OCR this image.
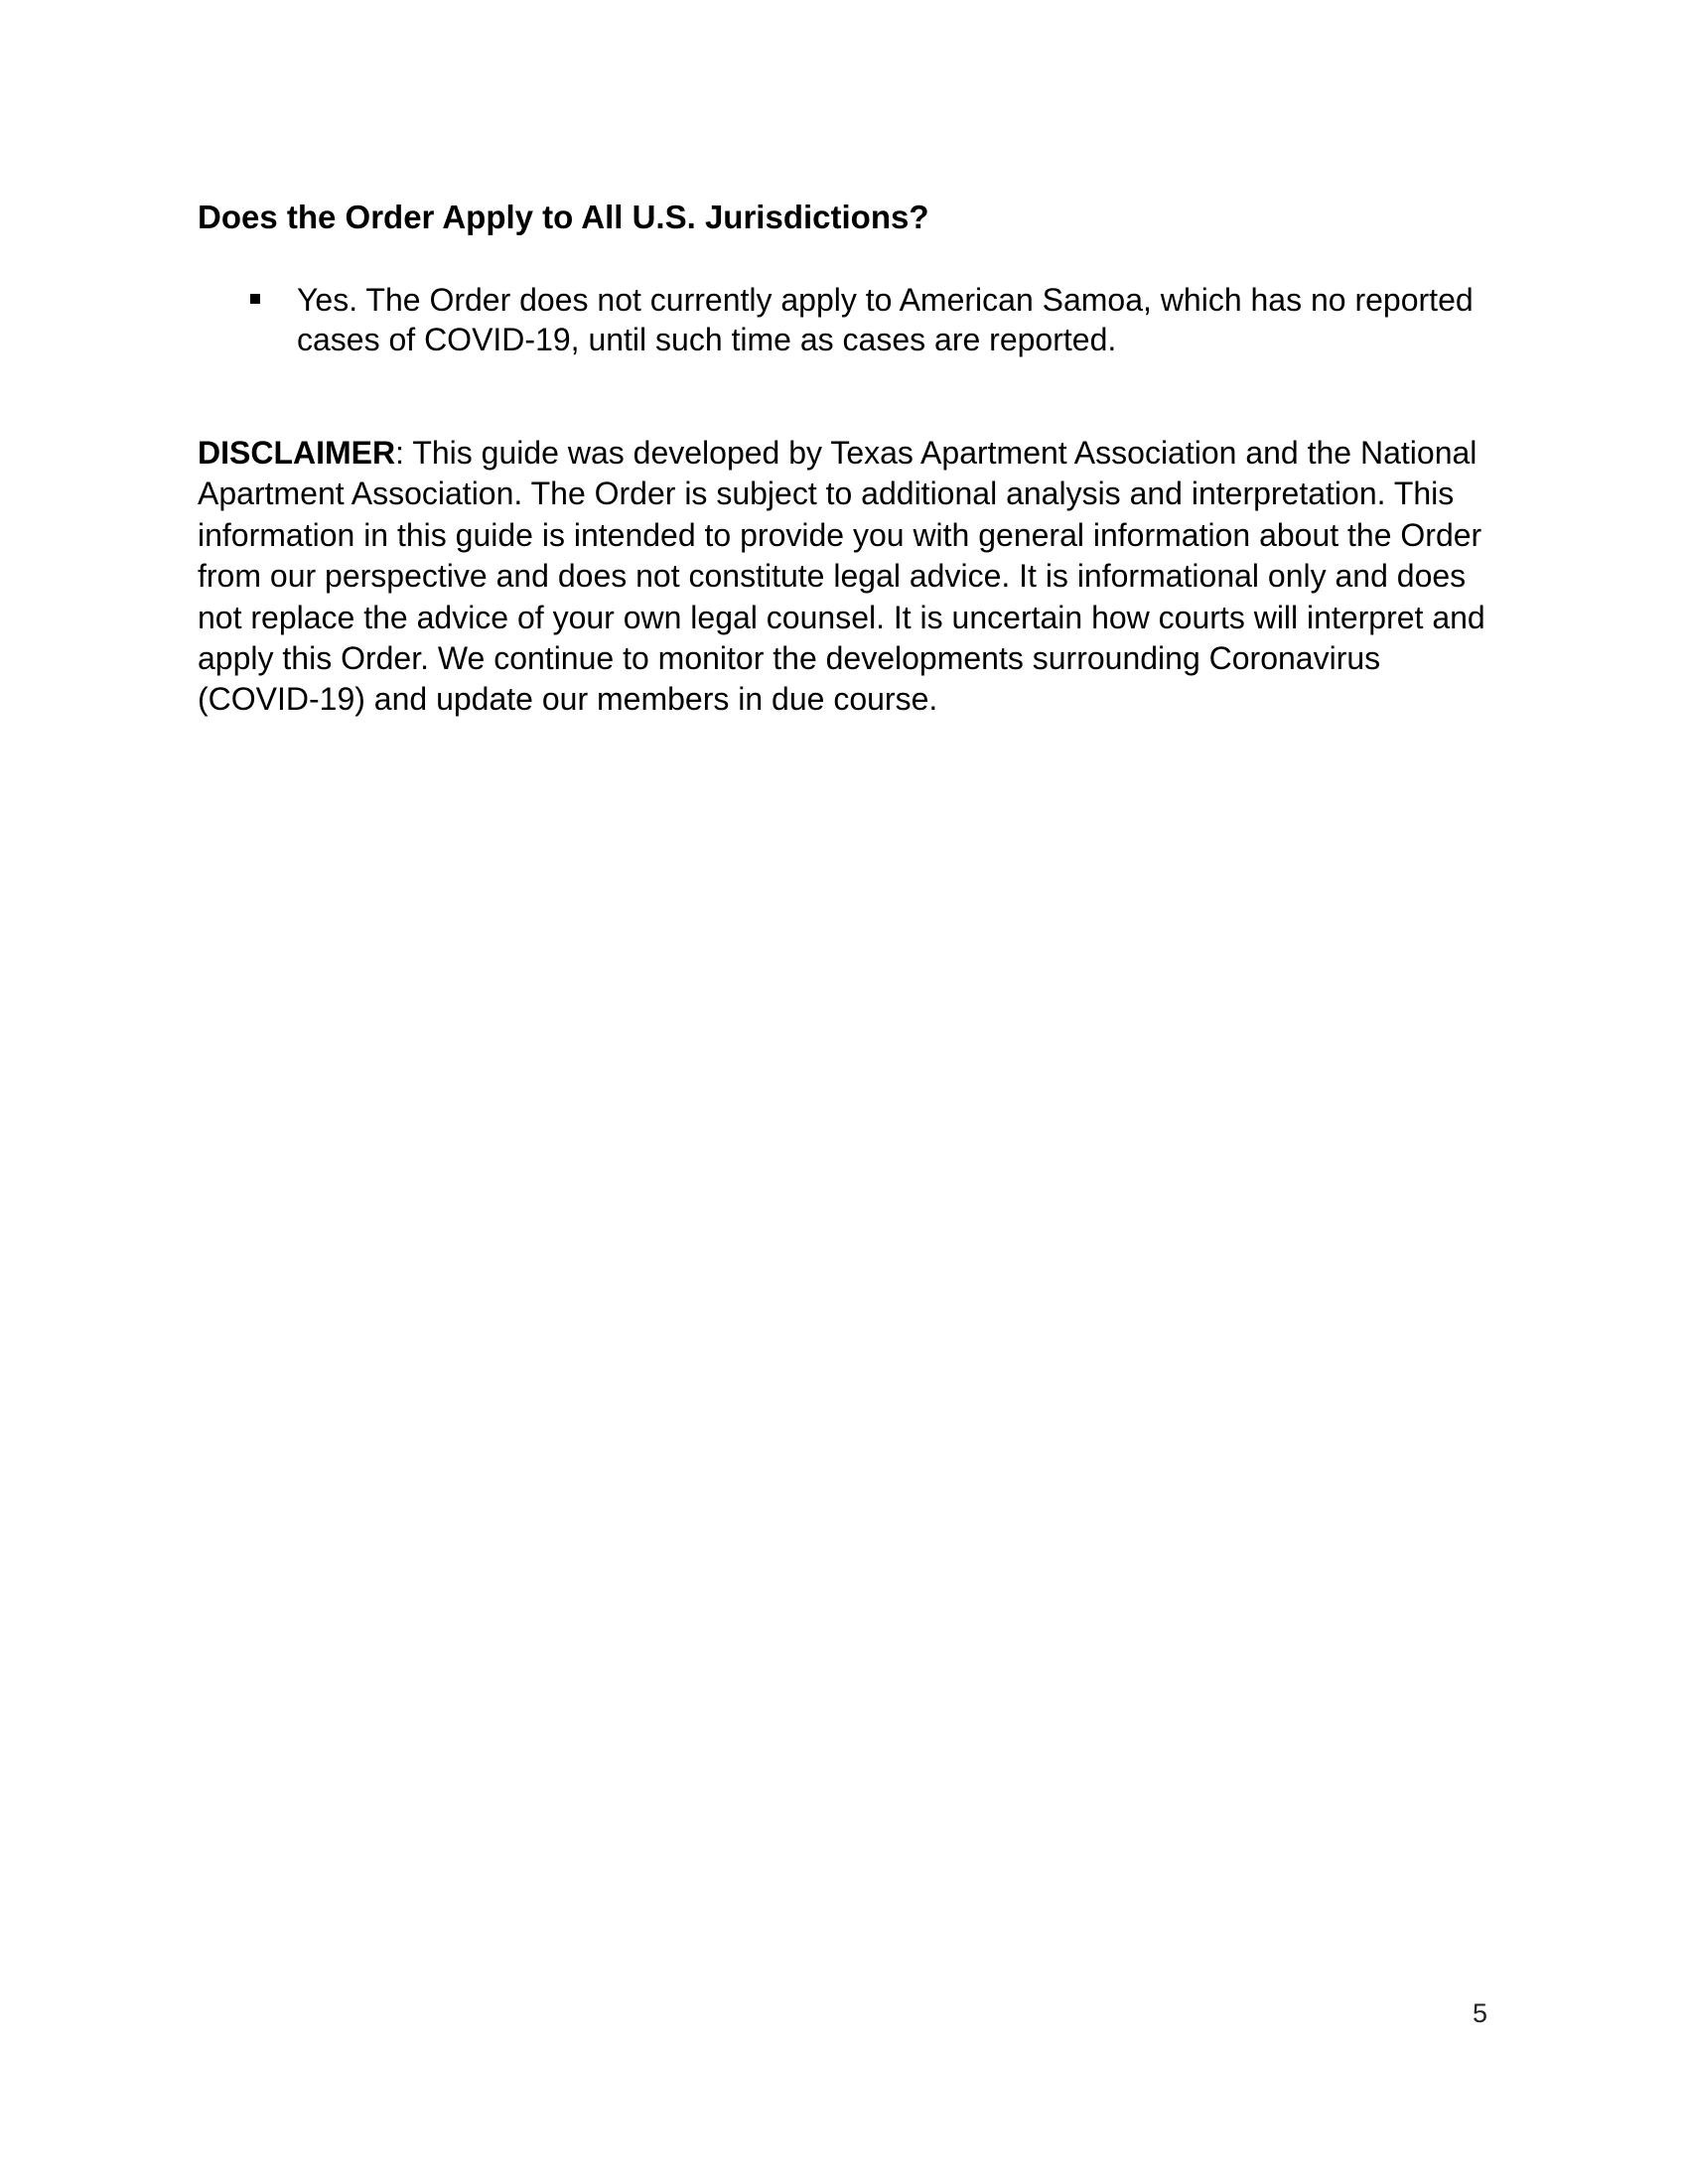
Does the Order Apply to All U.S. Jurisdictions?
Yes. The Order does not currently apply to American Samoa, which has no reported cases of COVID-19, until such time as cases are reported.

DISCLAIMER: This guide was developed by Texas Apartment Association and the National Apartment Association. The Order is subject to additional analysis and interpretation. This information in this guide is intended to provide you with general information about the Order from our perspective and does not constitute legal advice. It is informational only and does not replace the advice of your own legal counsel. It is uncertain how courts will interpret and apply this Order. We continue to monitor the developments surrounding Coronavirus (COVID-19) and update our members in due course.

5
